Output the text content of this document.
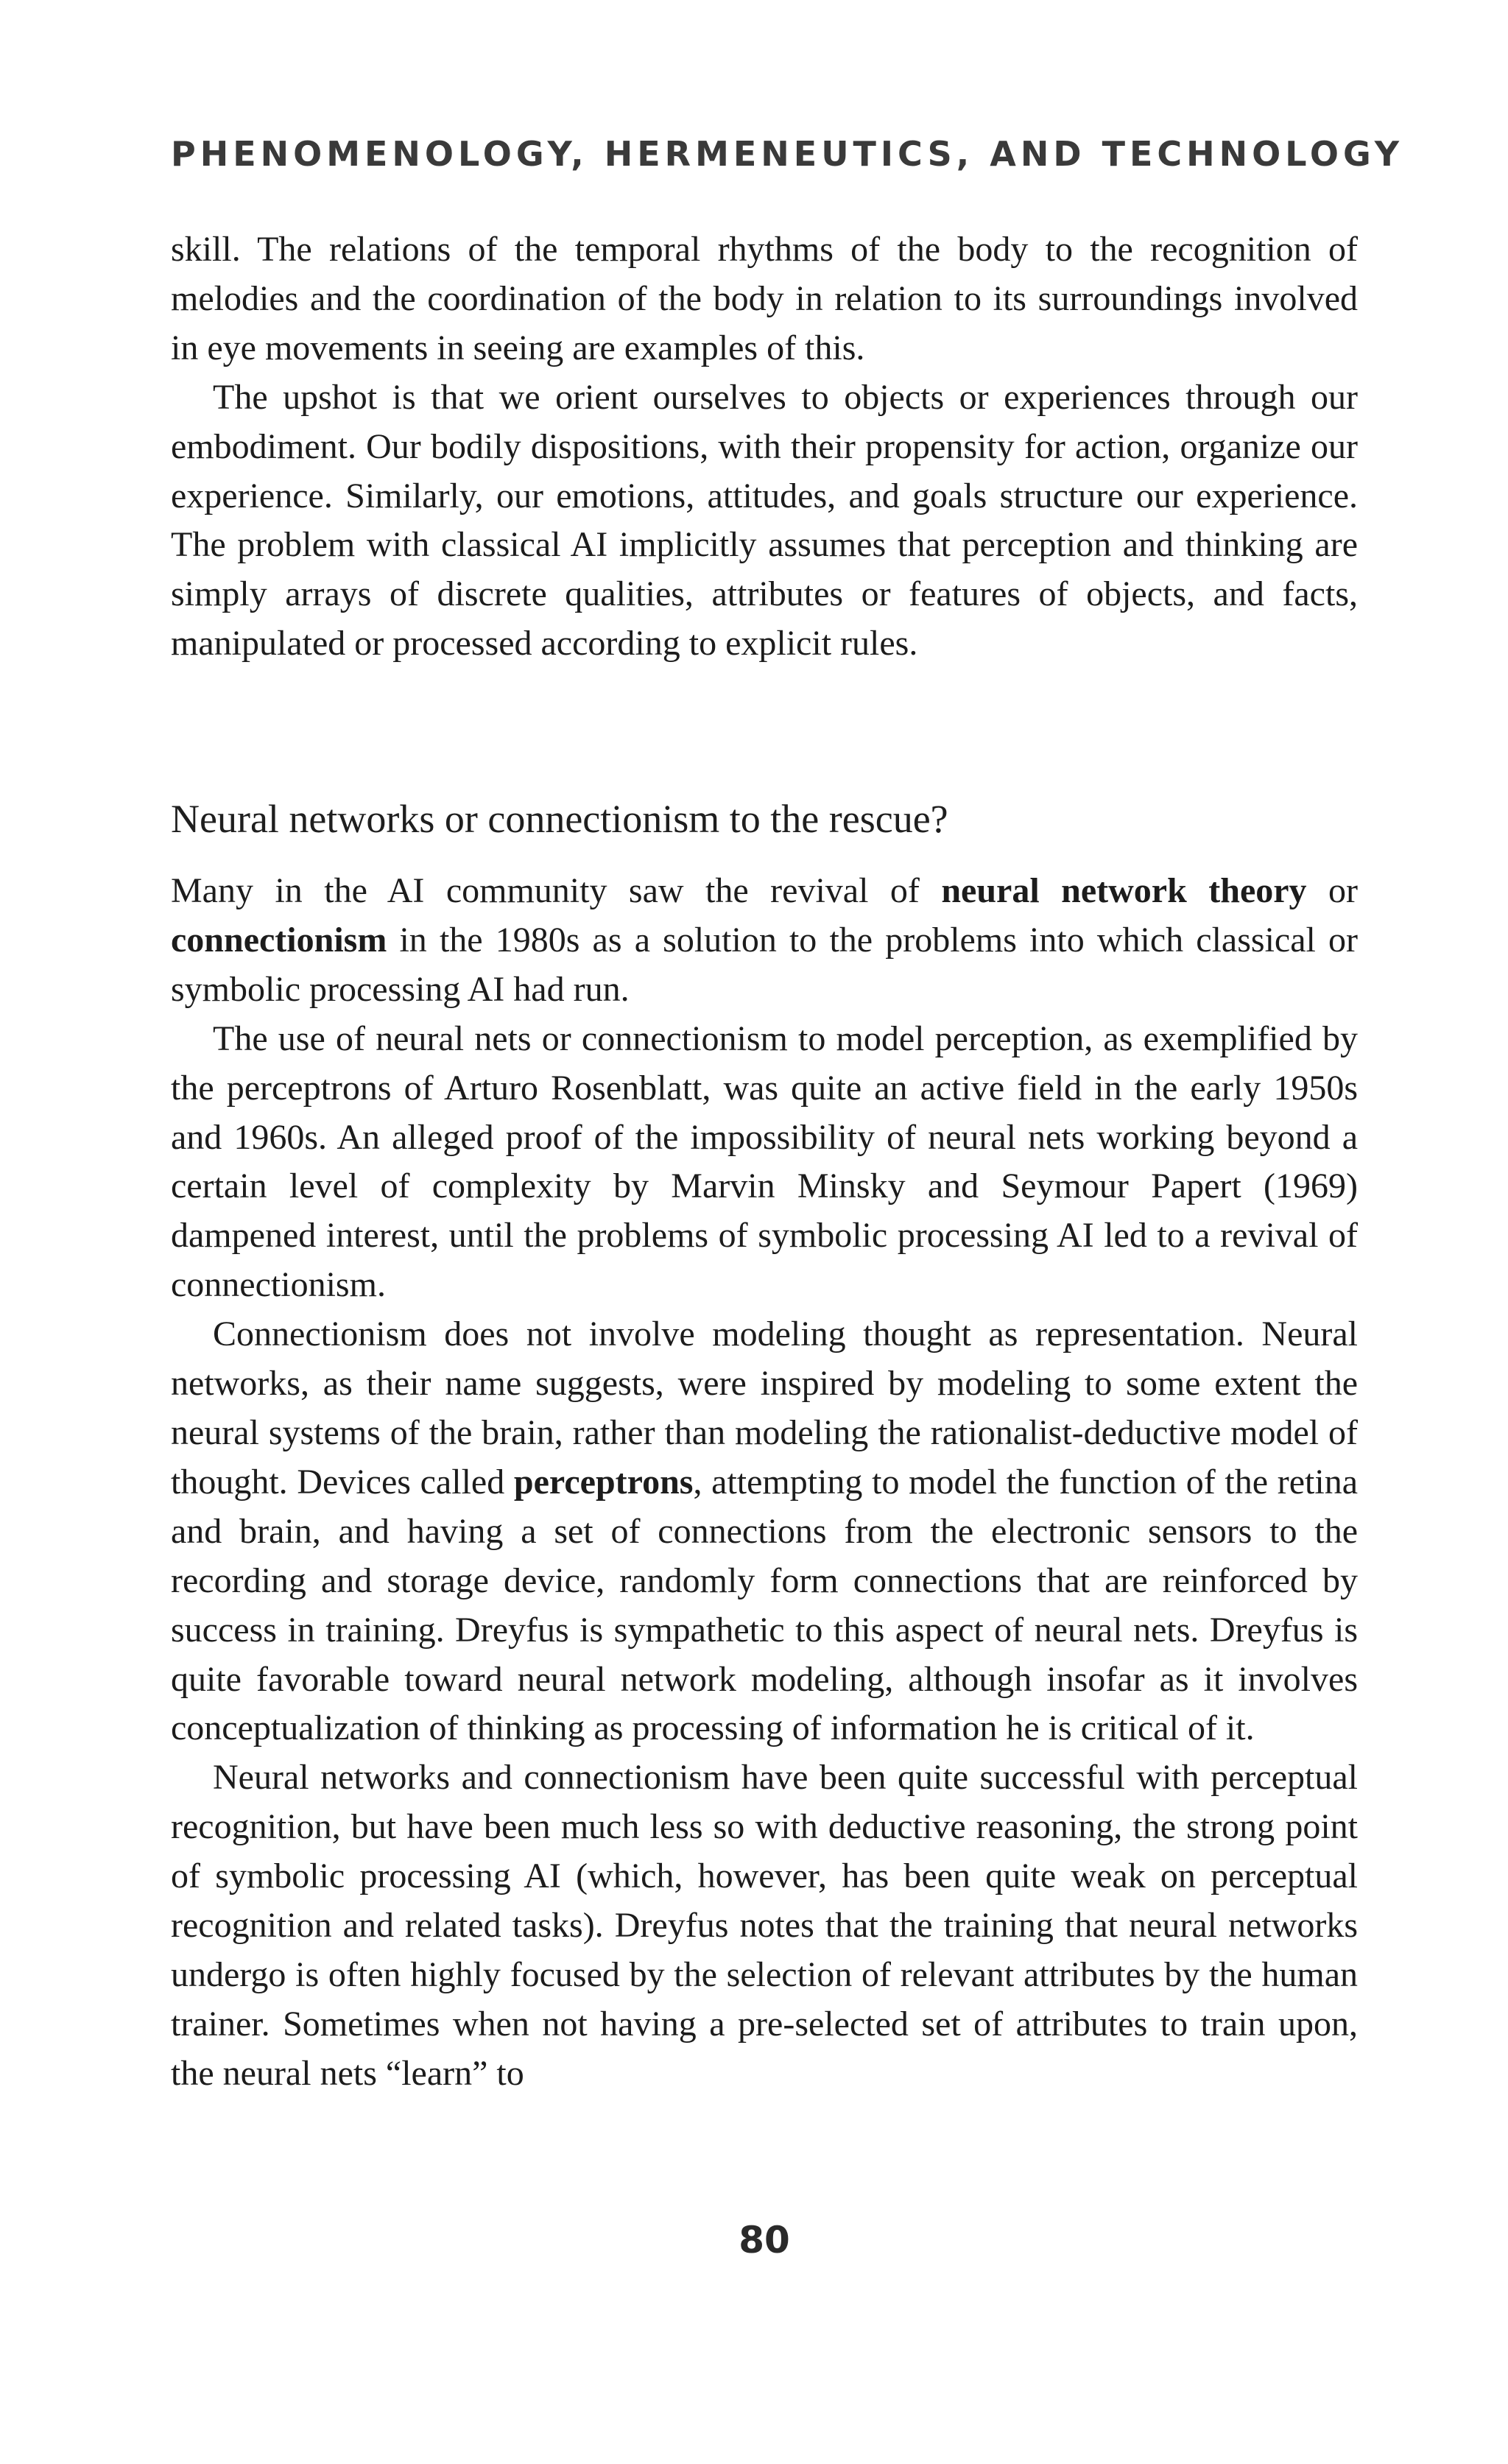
PHENOMENOLOGY, HERMENEUTICS, AND TECHNOLOGY

skill. The relations of the temporal rhythms of the body to the recognition of melodies and the coordination of the body in relation to its surroundings involved in eye movements in seeing are examples of this.

The upshot is that we orient ourselves to objects or experiences through our embodiment. Our bodily dispositions, with their propensity for action, organize our experience. Similarly, our emotions, attitudes, and goals structure our experience. The problem with classical AI implicitly assumes that perception and thinking are simply arrays of discrete qualities, attributes or features of objects, and facts, manipulated or processed according to explicit rules.

Neural networks or connectionism to the rescue?

Many in the AI community saw the revival of neural network theory or connectionism in the 1980s as a solution to the problems into which classical or symbolic processing AI had run.

The use of neural nets or connectionism to model perception, as exemplified by the perceptrons of Arturo Rosenblatt, was quite an active field in the early 1950s and 1960s. An alleged proof of the impossibility of neural nets working beyond a certain level of complexity by Marvin Minsky and Seymour Papert (1969) dampened interest, until the problems of symbolic processing AI led to a revival of connectionism.

Connectionism does not involve modeling thought as representation. Neural networks, as their name suggests, were inspired by modeling to some extent the neural systems of the brain, rather than modeling the rationalist-deductive model of thought. Devices called perceptrons, attempting to model the function of the retina and brain, and having a set of connections from the electronic sensors to the recording and storage device, randomly form connections that are reinforced by success in training. Dreyfus is sympathetic to this aspect of neural nets. Dreyfus is quite favorable toward neural network modeling, although insofar as it involves conceptualization of thinking as processing of information he is critical of it.

Neural networks and connectionism have been quite successful with perceptual recognition, but have been much less so with deductive reasoning, the strong point of symbolic processing AI (which, however, has been quite weak on perceptual recognition and related tasks). Dreyfus notes that the training that neural networks undergo is often highly focused by the selection of relevant attributes by the human trainer. Sometimes when not having a pre-selected set of attributes to train upon, the neural nets “learn” to

80
